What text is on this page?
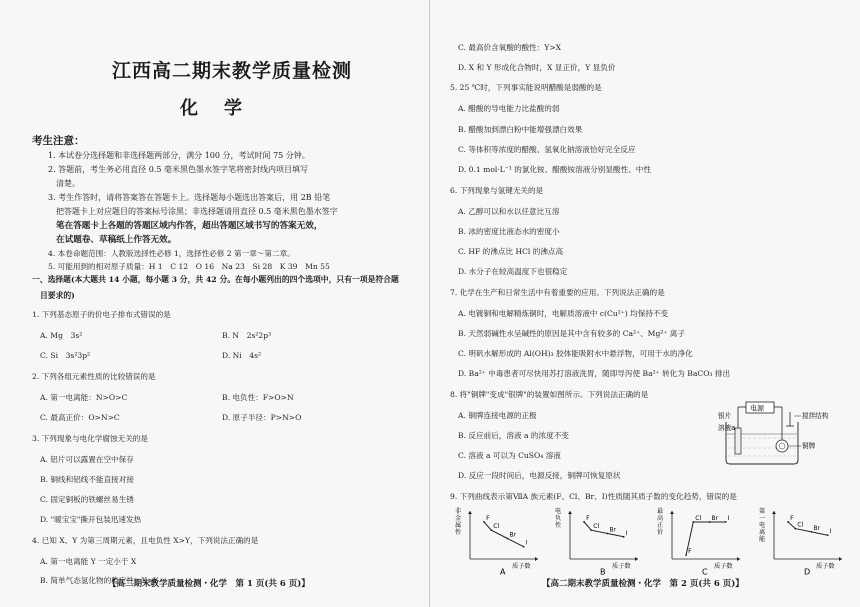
江西高二期末教学质量检测
化 学
考生注意：
1. 本试卷分选择题和非选择题两部分，满分 100 分，考试时间 75 分钟。
2. 答题前，考生务必用直径 0.5 毫米黑色墨水签字笔将密封线内项目填写
清楚。
3. 考生作答时，请将答案答在答题卡上。选择题每小题选出答案后，用 2B 铅笔
把答题卡上对应题目的答案标号涂黑；非选择题请用直径 0.5 毫米黑色墨水签字
笔在答题卡上各题的答题区域内作答，超出答题区域书写的答案无效，
在试题卷、草稿纸上作答无效。
4. 本卷命题范围：人教版选择性必修 1，选择性必修 2 第一章～第二章。
5. 可能用到的相对原子质量：H 1　C 12　O 16　Na 23　Si 28　K 39　Mn 55
一、选择题(本大题共 14 小题，每小题 3 分，共 42 分。在每小题列出的四个选项中，只有一项是符合题
目要求的)
1. 下列基态原子的价电子排布式错误的是
A. Mg　3s²	B. N　2s²2p³
C. Si　3s²3p²	D. Ni　4s²
2. 下列各组元素性质的比较错误的是
A. 第一电离能：N>O>C	B. 电负性：F>O>N
C. 最高正价：O>N>C	D. 原子半径：P>N>O
3. 下列现象与电化学腐蚀无关的是
A. 铝片可以露置在空中保存
B. 铜线和铝线不能直接对接
C. 固定铜板的铁螺丝易生锈
D. "暖宝宝"撕开包装迅速发热
4. 已知 X、Y 为第三周期元素，且电负性 X>Y，下列说法正确的是
A. 第一电离能 Y 一定小于 X
B. 简单气态氢化物的稳定性：X>Y
【高二期末教学质量检测・化学　第 1 页(共 6 页)】
C. 最高价含氧酸的酸性：Y>X
D. X 和 Y 形成化合物时，X 显正价，Y 显负价
5. 25 ℃时，下列事实能说明醋酸是弱酸的是
A. 醋酸的导电能力比盐酸的弱
B. 醋酸加到漂白粉中能增强漂白效果
C. 等体积等浓度的醋酸、氢氧化钠溶液恰好完全反应
D. 0.1 mol·L⁻¹ 的氯化铵、醋酸铵溶液分别显酸性、中性
6. 下列现象与氢键无关的是
A. 乙醇可以和水以任意比互溶
B. 冰的密度比液态水的密度小
C. HF 的沸点比 HCl 的沸点高
D. 水分子在较高温度下也很稳定
7. 化学在生产和日常生活中有着重要的应用。下列说法正确的是
A. 电镀铜和电解精炼铜时，电解质溶液中 c(Cu²⁺) 均保持不变
B. 天然弱碱性水呈碱性的原因是其中含有较多的 Ca²⁺、Mg²⁺ 离子
C. 明矾水解形成的 Al(OH)₃ 胶体能吸附水中悬浮物，可用于水的净化
D. Ba²⁺ 中毒患者可尽快用苏打溶液洗胃，随即导泻使 Ba²⁺ 转化为 BaCO₃ 排出
8. 将"铜牌"变成"银牌"的装置如图所示。下列说法正确的是
A. 铜牌连接电源的正极
B. 反应前后，溶液 a 的浓度不变
C. 溶液 a 可以为 CuSO₄ 溶液
D. 反应一段时间后，电源反接，铜牌可恢复原状
9. 下列曲线表示第ⅦA 族元素(F、Cl、Br、I)性质随其质子数的变化趋势，错误的是
电源
搅拌结构
银片
铜牌
溶液a
非金属性
质子数
A
F
Cl
Br
I
电负性
质子数
B
F
Cl Br I
最高正价
质子数
C
F
Cl Br I
第一电离能
质子数
D
F
Cl Br I
【高二期末教学质量检测・化学　第 2 页(共 6 页)】
